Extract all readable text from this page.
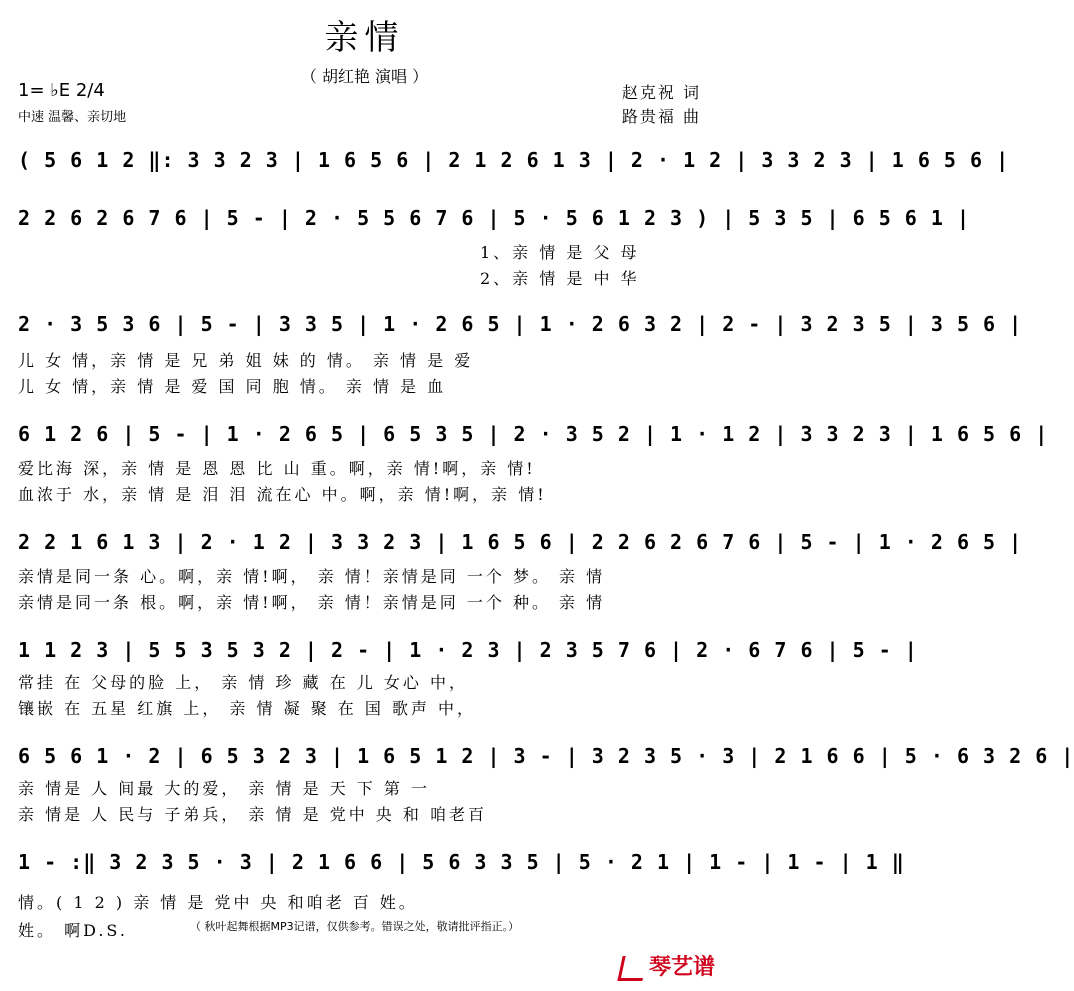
亲情
（ 胡红艳 演唱 ）
1= ♭E 2/4
中速 温馨、亲切地
赵克祝 词
路贵福 曲
( 5 6 1 2 ‖: 3 3 2 3 | 1 6 5 6 | 2 1 2 6 1 3 | 2 · 1 2 | 3 3 2 3 | 1 6 5 6 |
2 2 6 2 6 7 6 | 5 - | 2 · 5 5 6 7 6 | 5 · 5 6 1 2 3 ) | 5 3 5 | 6 5 6 1 |
1、亲 情 是 父 母
2、亲 情 是 中 华
2 · 3 5 3 6 | 5 - | 3 3 5 | 1 · 2 6 5 | 1 · 2 6 3 2 | 2 - | 3 2 3 5 | 3 5 6 |
儿 女 情，亲 情 是 兄 弟 姐 妹 的 情。 亲 情 是 爱
儿 女 情，亲 情 是 爱 国 同 胞 情。 亲 情 是 血
6 1 2 6 | 5 - | 1 · 2 6 5 | 6 5 3 5 | 2 · 3 5 2 | 1 · 1 2 | 3 3 2 3 | 1 6 5 6 |
爱比海 深，亲 情 是 恩 恩 比 山 重。啊，亲 情!啊，亲 情!
血浓于 水，亲 情 是 泪 泪 流在心 中。啊，亲 情!啊，亲 情!
2 2 1 6 1 3 | 2 · 1 2 | 3 3 2 3 | 1 6 5 6 | 2 2 6 2 6 7 6 | 5 - | 1 · 2 6 5 |
亲情是同一条 心。啊，亲 情!啊， 亲 情！亲情是同 一个 梦。 亲 情
亲情是同一条 根。啊，亲 情!啊， 亲 情！亲情是同 一个 种。 亲 情
1 1 2 3 | 5 5 3 5 3 2 | 2 - | 1 · 2 3 | 2 3 5 7 6 | 2 · 6 7 6 | 5 - |
常挂 在 父母的脸 上， 亲 情 珍 藏 在 儿 女心 中，
镶嵌 在 五星 红旗 上， 亲 情 凝 聚 在 国 歌声 中，
6 5 6 1 · 2 | 6 5 3 2 3 | 1 6 5 1 2 | 3 - | 3 2 3 5 · 3 | 2 1 6 6 | 5 · 6 3 2 6 |
亲 情是 人 间最 大的爱， 亲 情 是 天 下 第 一
亲 情是 人 民与 子弟兵， 亲 情 是 党中 央 和 咱老百
1 - :‖ 3 2 3 5 · 3 | 2 1 6 6 | 5 6 3 3 5 | 5 · 2 1 | 1 - | 1 - | 1 ‖
情。( 1 2 ) 亲 情 是 党中 央 和咱老 百 姓。
姓。 啊D.S.	（ 秋叶起舞根据MP3记谱，仅供参考。错误之处，敬请批评指正。）
琴艺谱
